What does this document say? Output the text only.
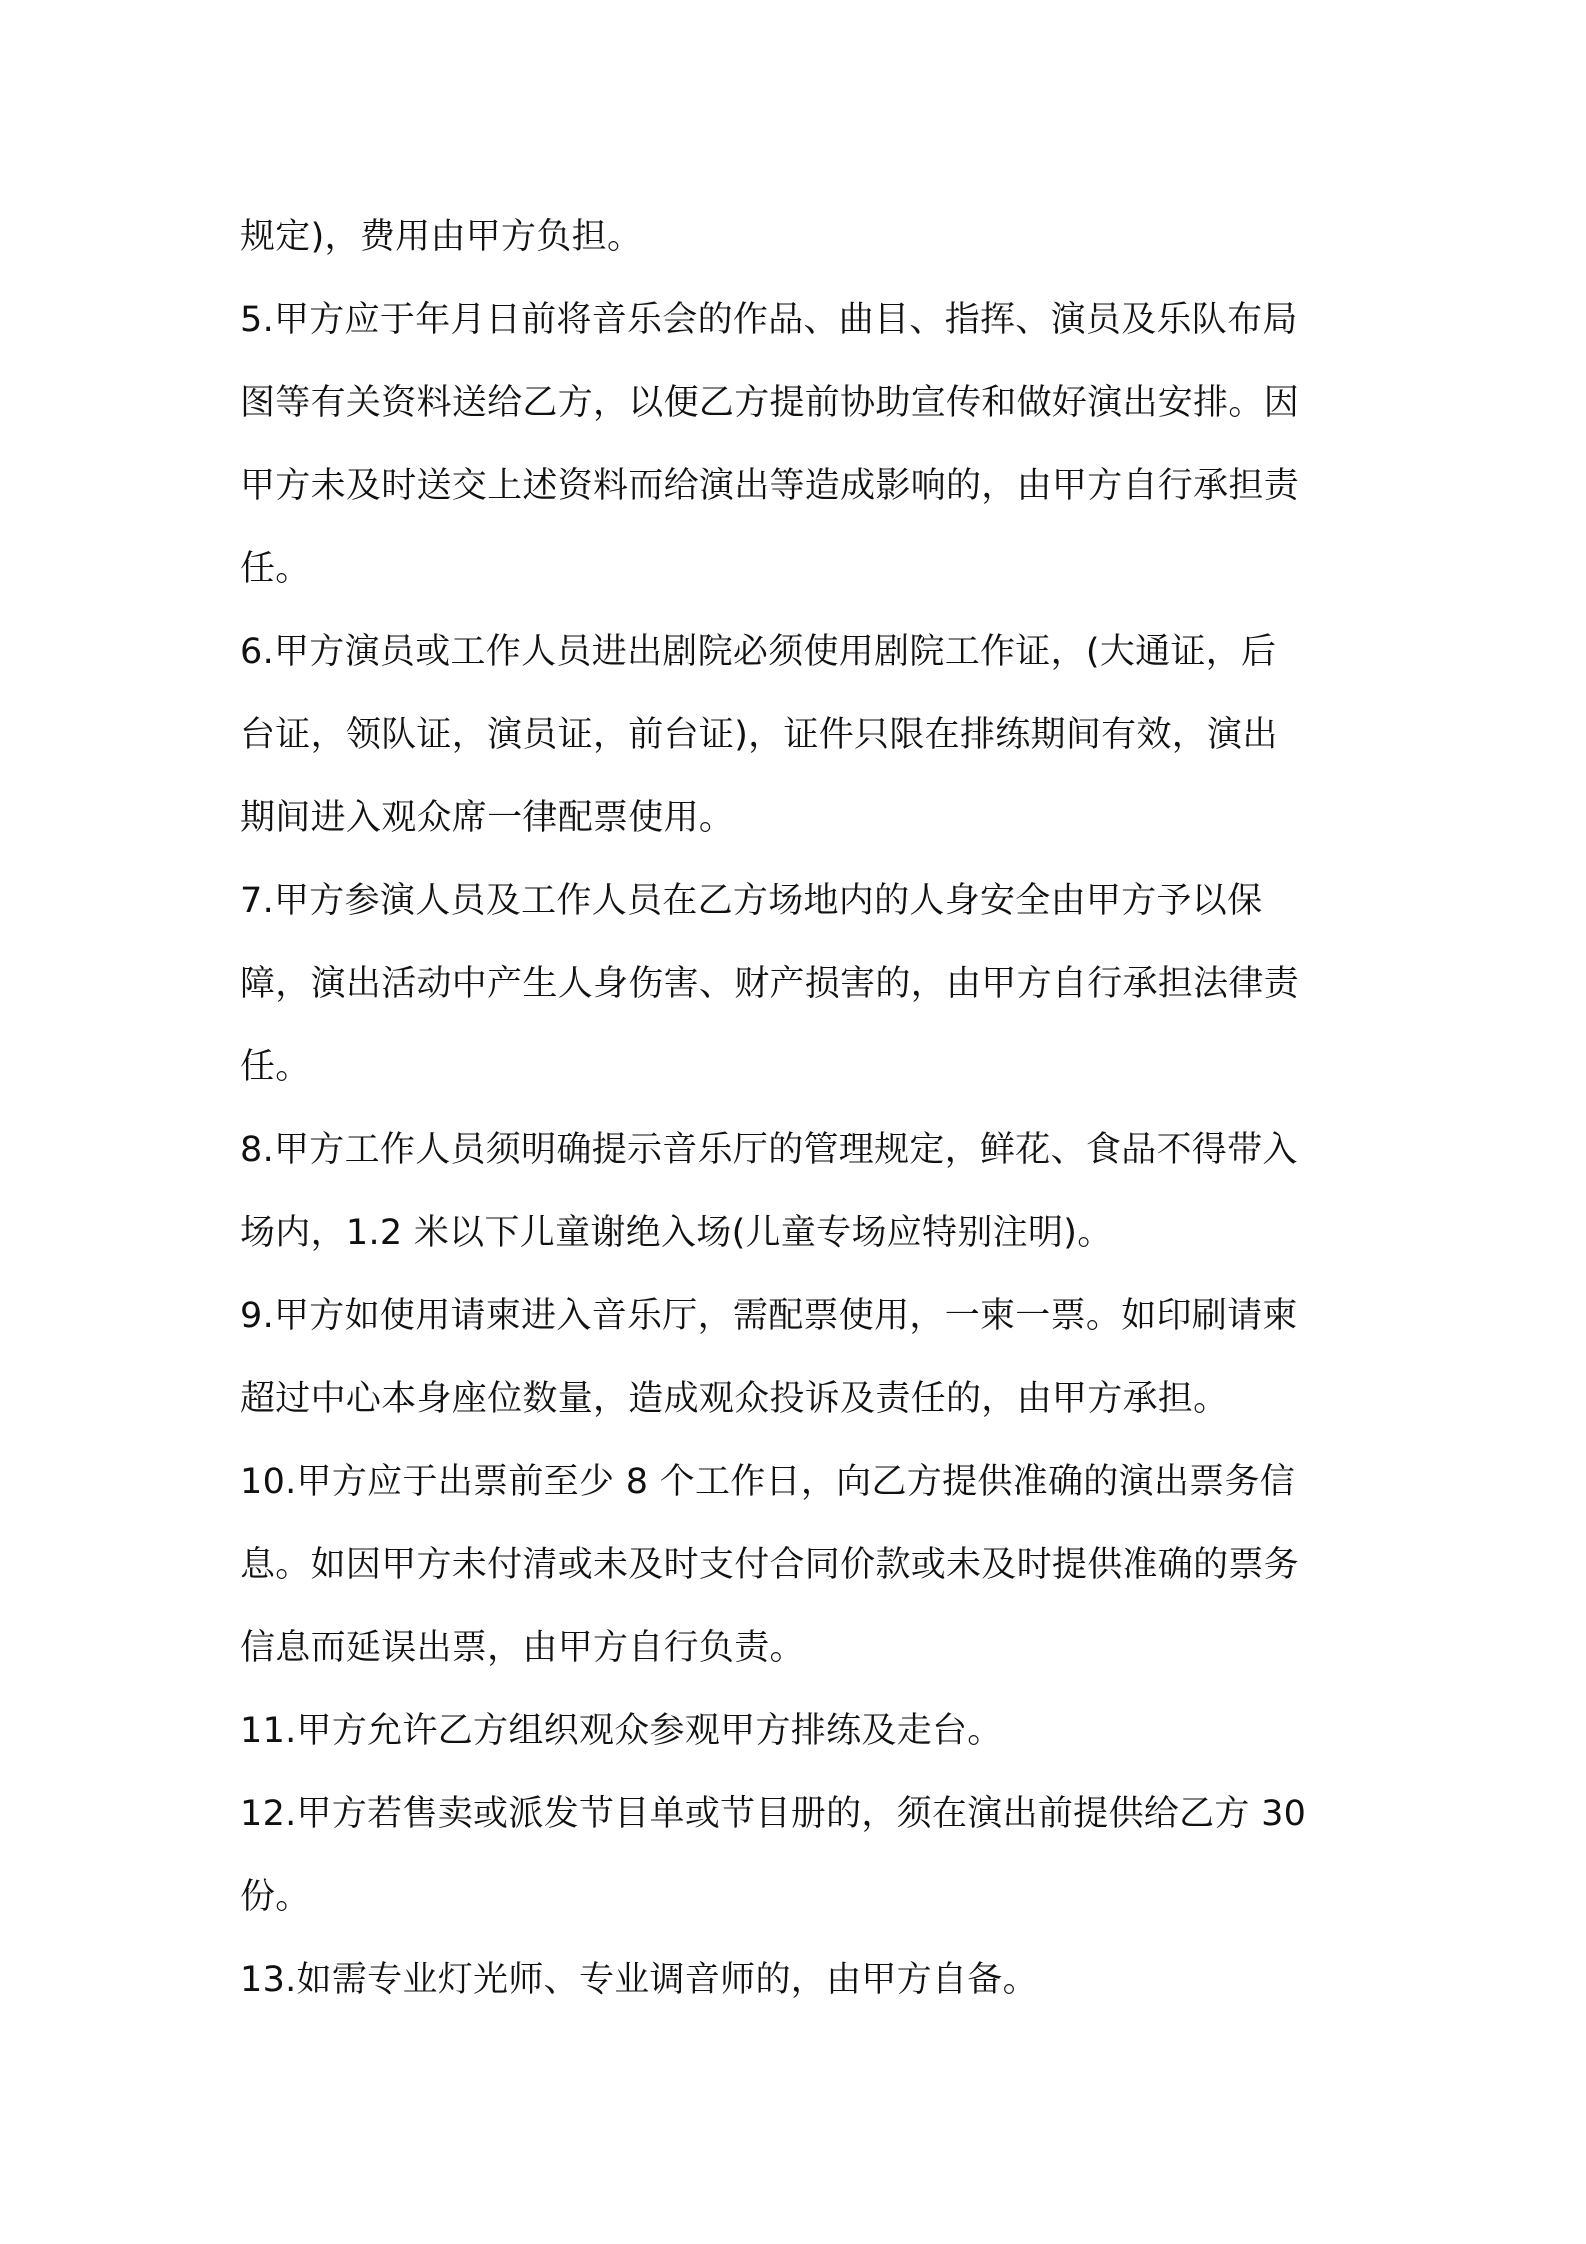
规定)，费用由甲方负担。
5.甲方应于年月日前将音乐会的作品、曲目、指挥、演员及乐队布局
图等有关资料送给乙方，以便乙方提前协助宣传和做好演出安排。因
甲方未及时送交上述资料而给演出等造成影响的，由甲方自行承担责
任。
6.甲方演员或工作人员进出剧院必须使用剧院工作证，(大通证，后
台证，领队证，演员证，前台证)，证件只限在排练期间有效，演出
期间进入观众席一律配票使用。
7.甲方参演人员及工作人员在乙方场地内的人身安全由甲方予以保
障，演出活动中产生人身伤害、财产损害的，由甲方自行承担法律责
任。
8.甲方工作人员须明确提示音乐厅的管理规定，鲜花、食品不得带入
场内，1.2 米以下儿童谢绝入场(儿童专场应特别注明)。
9.甲方如使用请柬进入音乐厅，需配票使用，一柬一票。如印刷请柬
超过中心本身座位数量，造成观众投诉及责任的，由甲方承担。
10.甲方应于出票前至少 8 个工作日，向乙方提供准确的演出票务信
息。如因甲方未付清或未及时支付合同价款或未及时提供准确的票务
信息而延误出票，由甲方自行负责。
11.甲方允许乙方组织观众参观甲方排练及走台。
12.甲方若售卖或派发节目单或节目册的，须在演出前提供给乙方 30
份。
13.如需专业灯光师、专业调音师的，由甲方自备。
